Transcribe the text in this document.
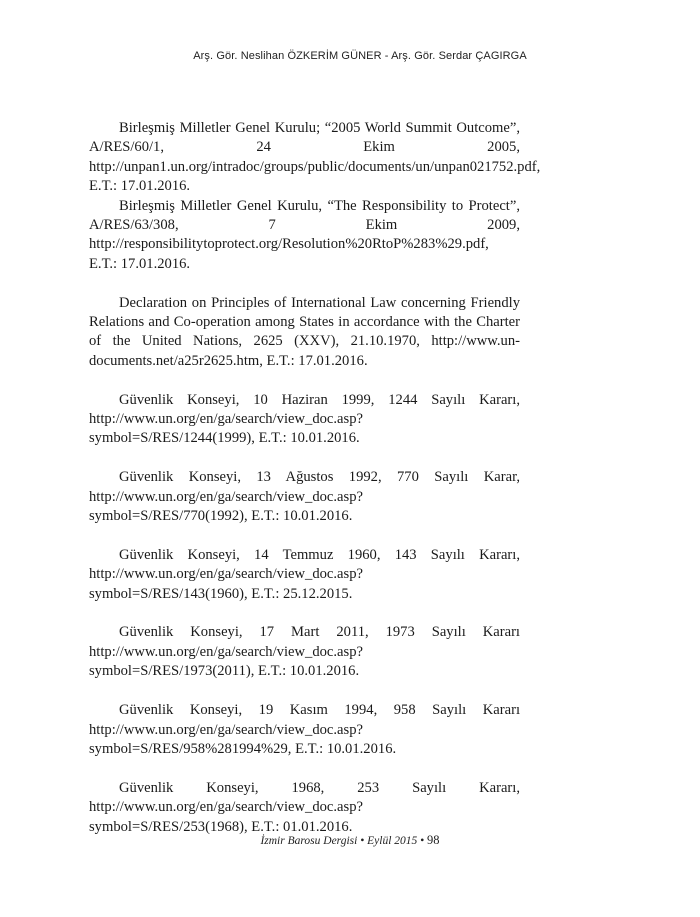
Arş. Gör. Neslihan ÖZKERİM GÜNER - Arş. Gör. Serdar ÇAGIRGA

Birleşmiş Milletler Genel Kurulu; “2005 World Summit Outcome”, A/RES/60/1, 24 Ekim 2005, http://unpan1.un.org/intradoc/groups/public/documents/un/unpan021752.pdf, E.T.: 17.01.2016.

Birleşmiş Milletler Genel Kurulu, “The Responsibility to Protect”, A/RES/63/308, 7 Ekim 2009, http://responsibilitytoprotect.org/Resolution%20RtoP%283%29.pdf, E.T.: 17.01.2016.

Declaration on Principles of International Law concerning Friendly Relations and Co-operation among States in accordance with the Charter of the United Nations, 2625 (XXV), 21.10.1970, http://www.un-documents.net/a25r2625.htm, E.T.: 17.01.2016.

Güvenlik Konseyi, 10 Haziran 1999, 1244 Sayılı Kararı, http://www.un.org/en/ga/search/view_doc.asp?symbol=S/RES/1244(1999), E.T.: 10.01.2016.

Güvenlik Konseyi, 13 Ağustos 1992, 770 Sayılı Karar, http://www.un.org/en/ga/search/view_doc.asp?symbol=S/RES/770(1992), E.T.: 10.01.2016.

Güvenlik Konseyi, 14 Temmuz 1960, 143 Sayılı Kararı, http://www.un.org/en/ga/search/view_doc.asp?symbol=S/RES/143(1960), E.T.: 25.12.2015.

Güvenlik Konseyi, 17 Mart 2011, 1973 Sayılı Kararı http://www.un.org/en/ga/search/view_doc.asp?symbol=S/RES/1973(2011), E.T.: 10.01.2016.

Güvenlik Konseyi, 19 Kasım 1994, 958 Sayılı Kararı http://www.un.org/en/ga/search/view_doc.asp?symbol=S/RES/958%281994%29, E.T.: 10.01.2016.

Güvenlik Konseyi, 1968, 253 Sayılı Kararı, http://www.un.org/en/ga/search/view_doc.asp?symbol=S/RES/253(1968), E.T.: 01.01.2016.

İzmir Barosu Dergisi • Eylül 2015 • 98
